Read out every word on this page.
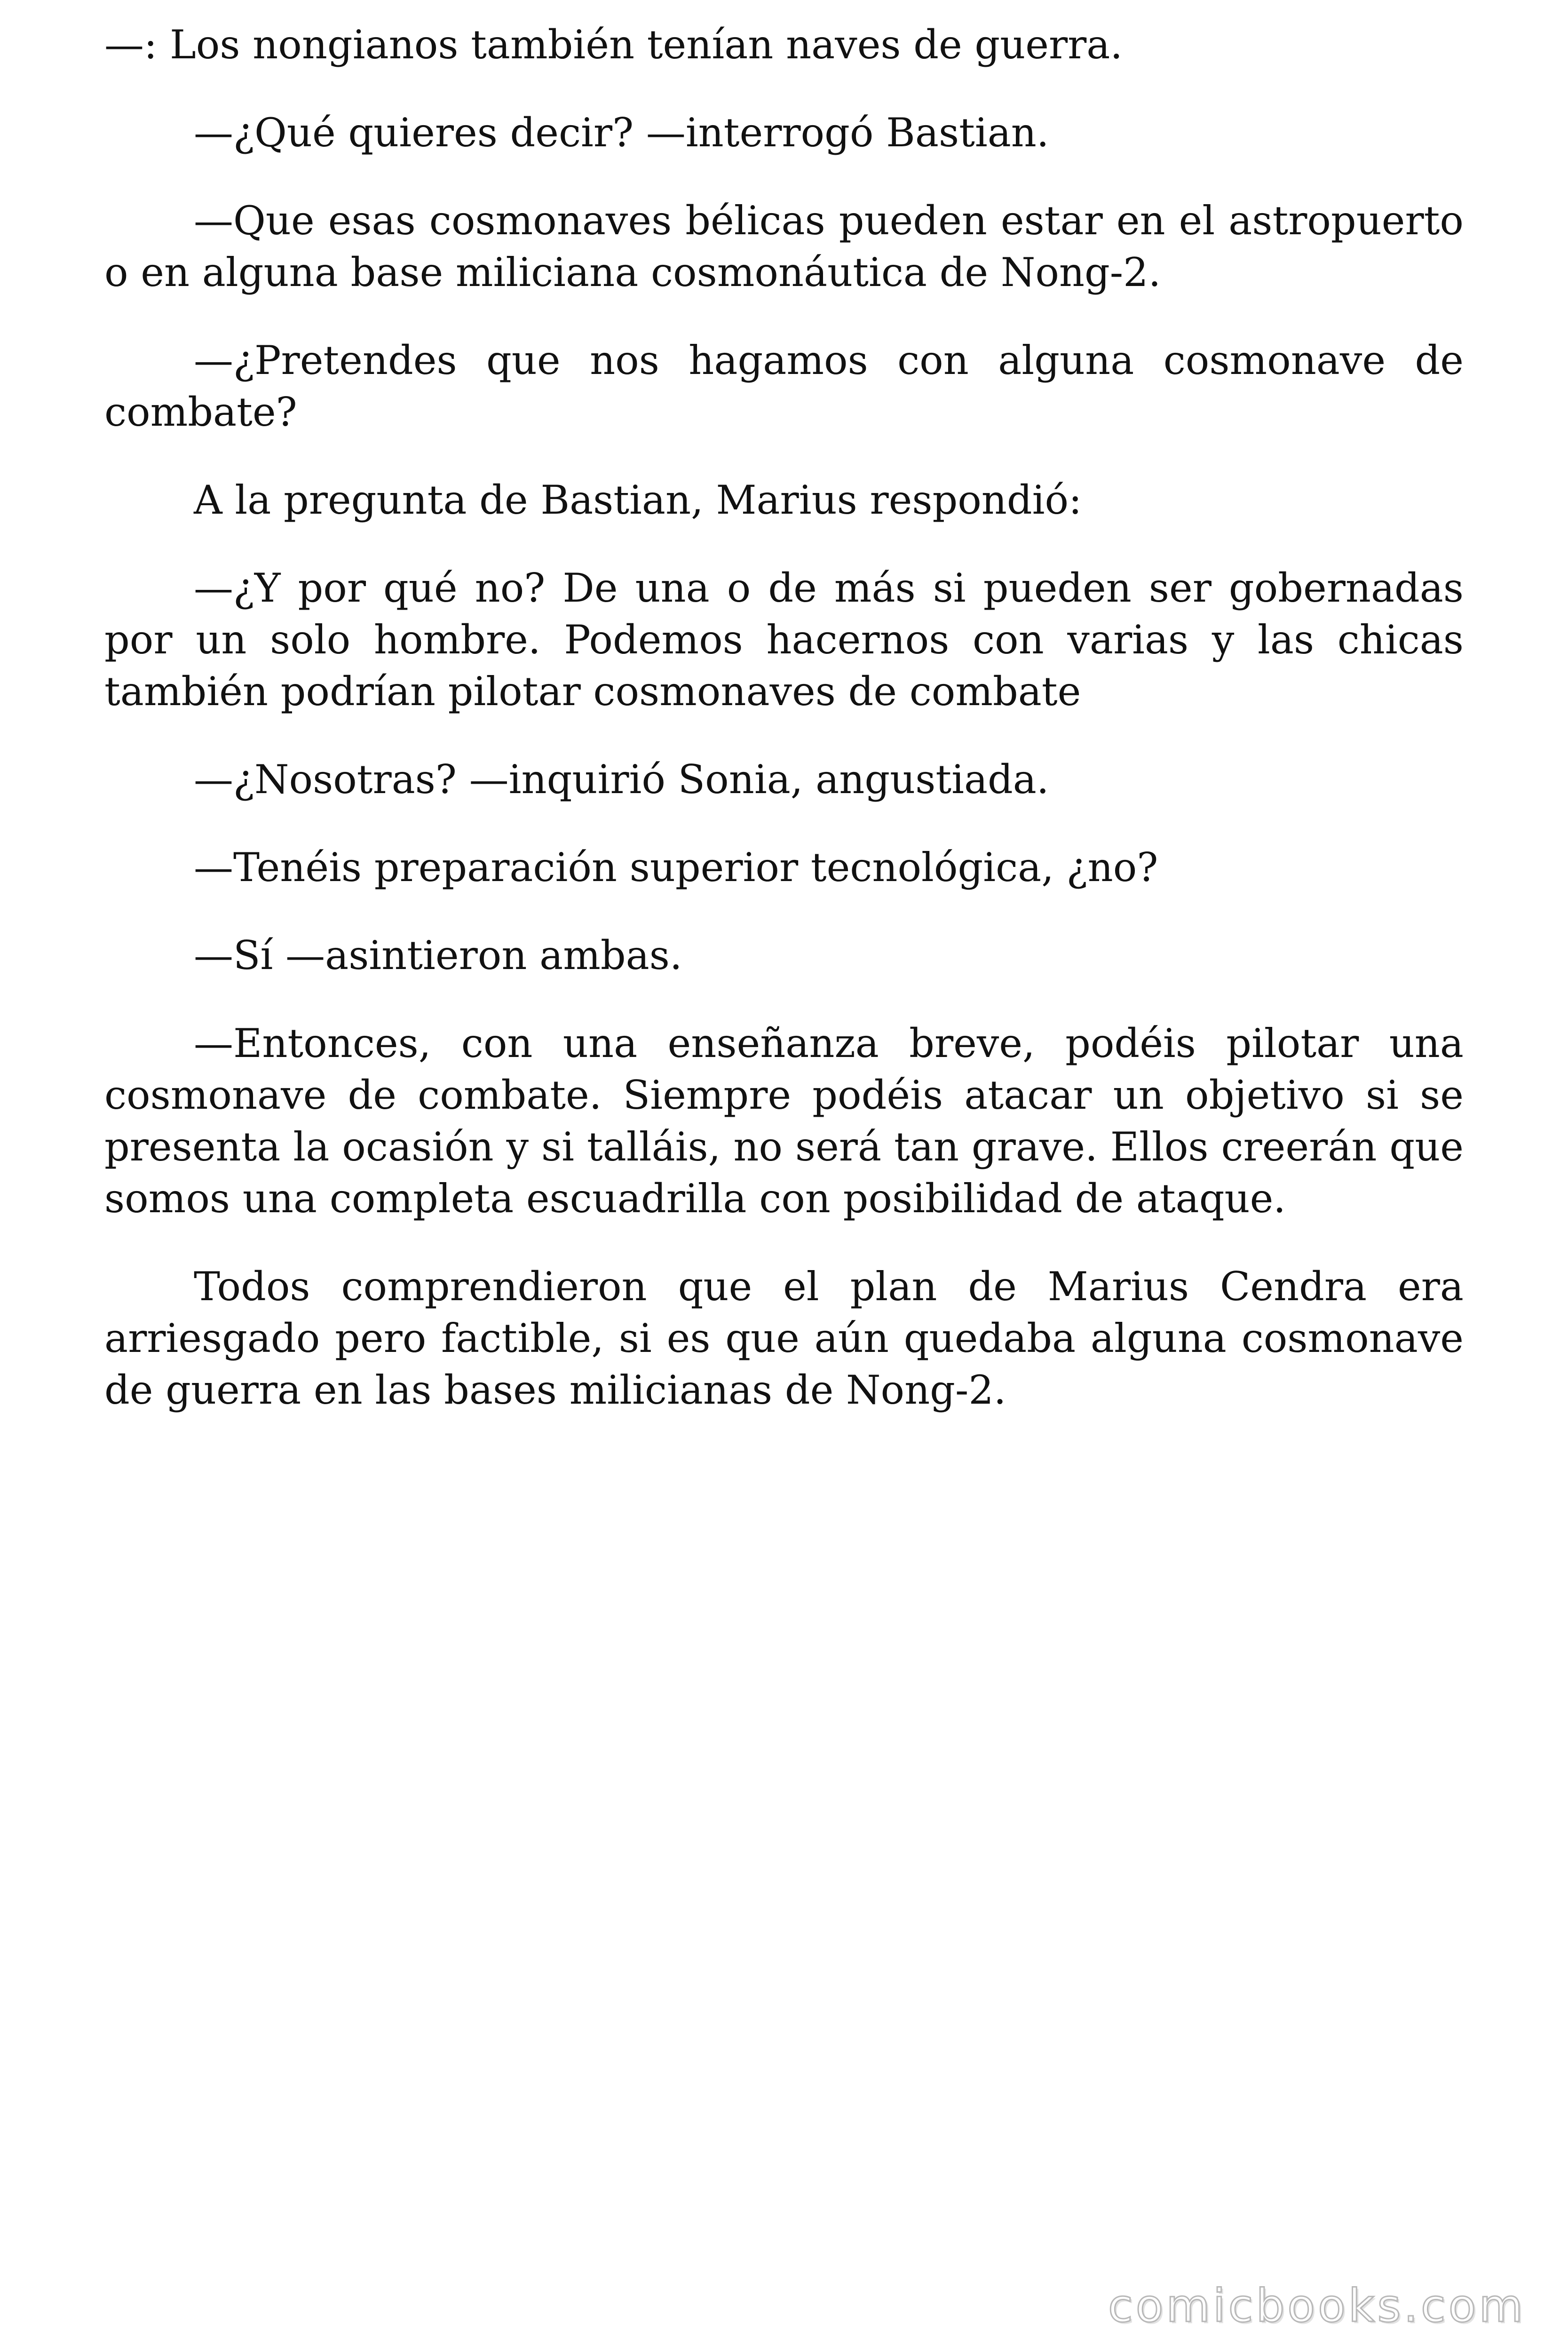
—: Los nongianos también tenían naves de guerra.

—¿Qué quieres decir? —interrogó Bastian.

—Que esas cosmonaves bélicas pueden estar en el astropuerto o en alguna base miliciana cosmonáutica de Nong-2.

—¿Pretendes que nos hagamos con alguna cosmonave de combate?

A la pregunta de Bastian, Marius respondió:

—¿Y por qué no? De una o de más si pueden ser gobernadas por un solo hombre. Podemos hacernos con varias y las chicas también podrían pilotar cosmonaves de combate

—¿Nosotras? —inquirió Sonia, angustiada.

—Tenéis preparación superior tecnológica, ¿no?

—Sí —asintieron ambas.

—Entonces, con una enseñanza breve, podéis pilotar una cosmonave de combate. Siempre podéis atacar un objetivo si se presenta la ocasión y si talláis, no será tan grave. Ellos creerán que somos una completa escuadrilla con posibilidad de ataque.

Todos comprendieron que el plan de Marius Cendra era arriesgado pero factible, si es que aún quedaba alguna cosmonave de guerra en las bases milicianas de Nong-2.

comicbooks.com
